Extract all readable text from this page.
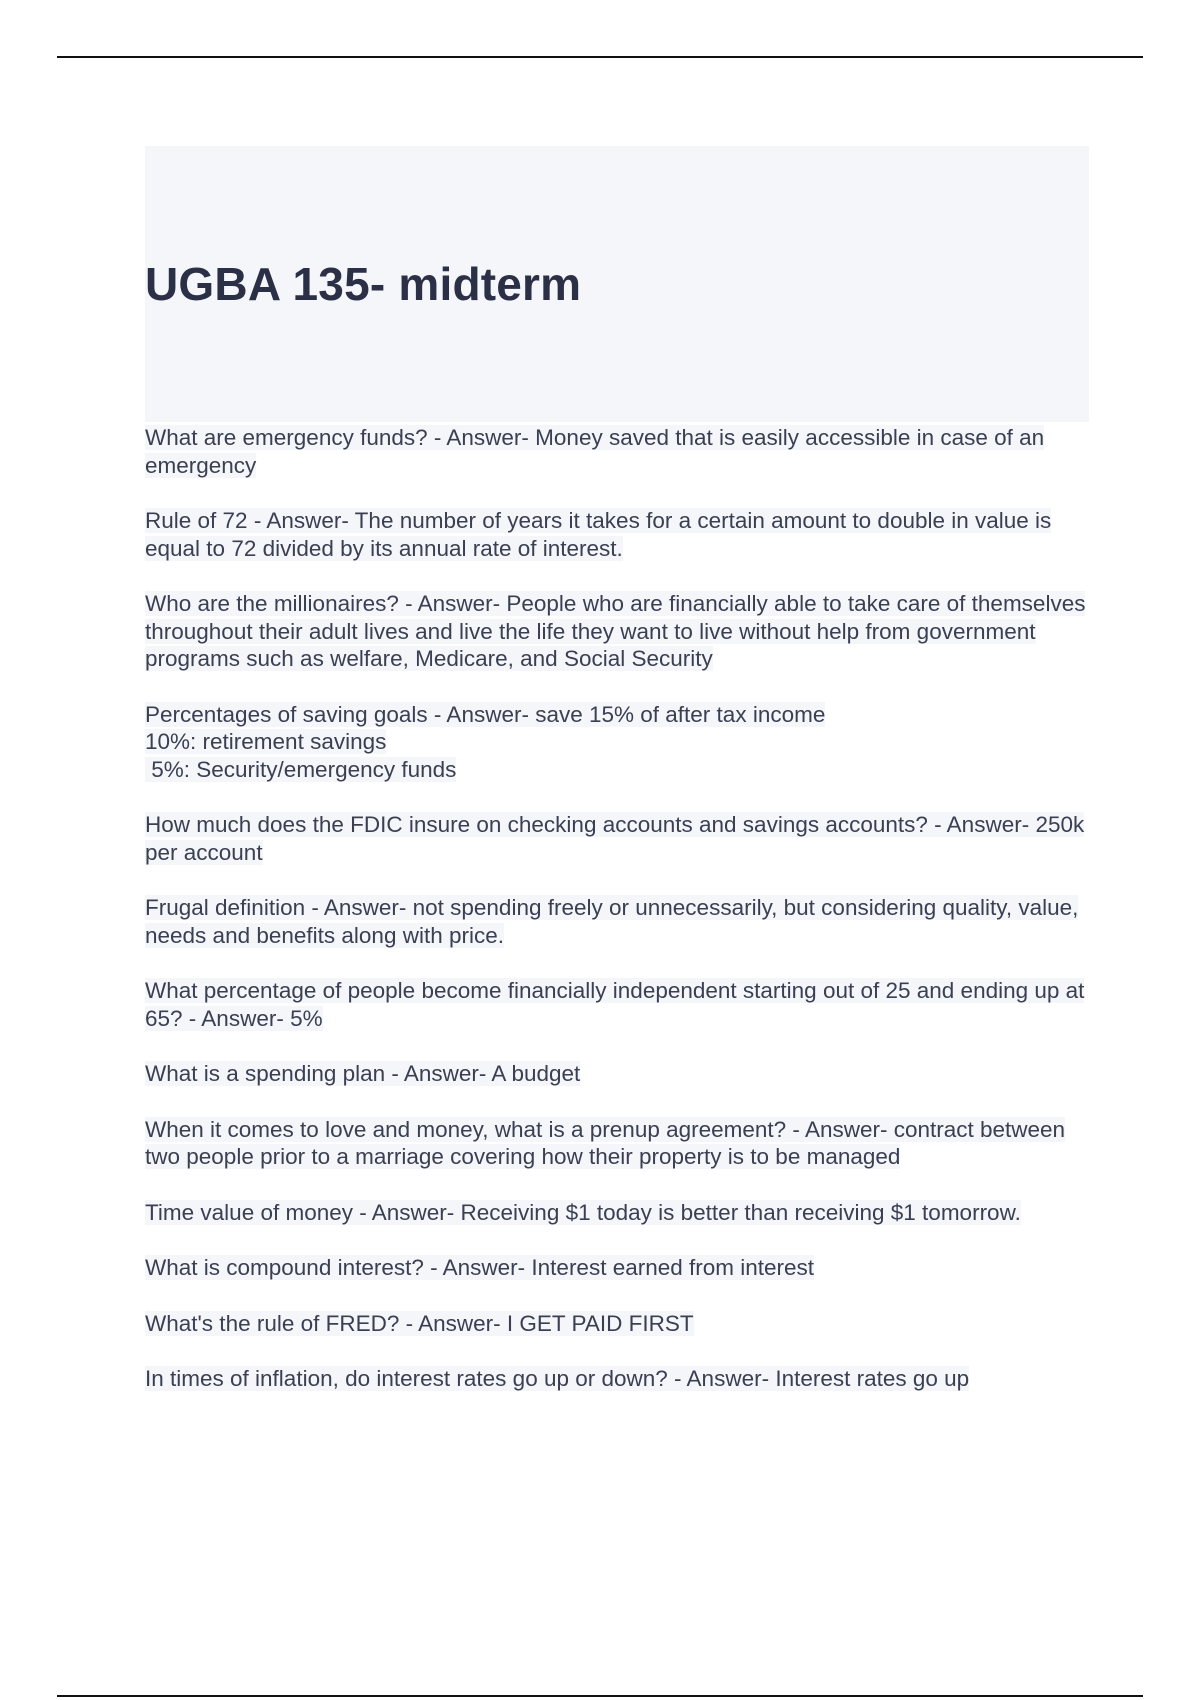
UGBA 135- midterm

What are emergency funds? - Answer- Money saved that is easily accessible in case of an emergency

Rule of 72 - Answer- The number of years it takes for a certain amount to double in value is equal to 72 divided by its annual rate of interest.

Who are the millionaires? - Answer- People who are financially able to take care of themselves throughout their adult lives and live the life they want to live without help from government programs such as welfare, Medicare, and Social Security

Percentages of saving goals - Answer- save 15% of after tax income
10%: retirement savings
5%: Security/emergency funds

How much does the FDIC insure on checking accounts and savings accounts? - Answer- 250k per account

Frugal definition - Answer- not spending freely or unnecessarily, but considering quality, value, needs and benefits along with price.

What percentage of people become financially independent starting out of 25 and ending up at 65? - Answer- 5%

What is a spending plan - Answer- A budget

When it comes to love and money, what is a prenup agreement? - Answer- contract between two people prior to a marriage covering how their property is to be managed

Time value of money - Answer- Receiving $1 today is better than receiving $1 tomorrow.

What is compound interest? - Answer- Interest earned from interest

What's the rule of FRED? - Answer- I GET PAID FIRST

In times of inflation, do interest rates go up or down? - Answer- Interest rates go up
